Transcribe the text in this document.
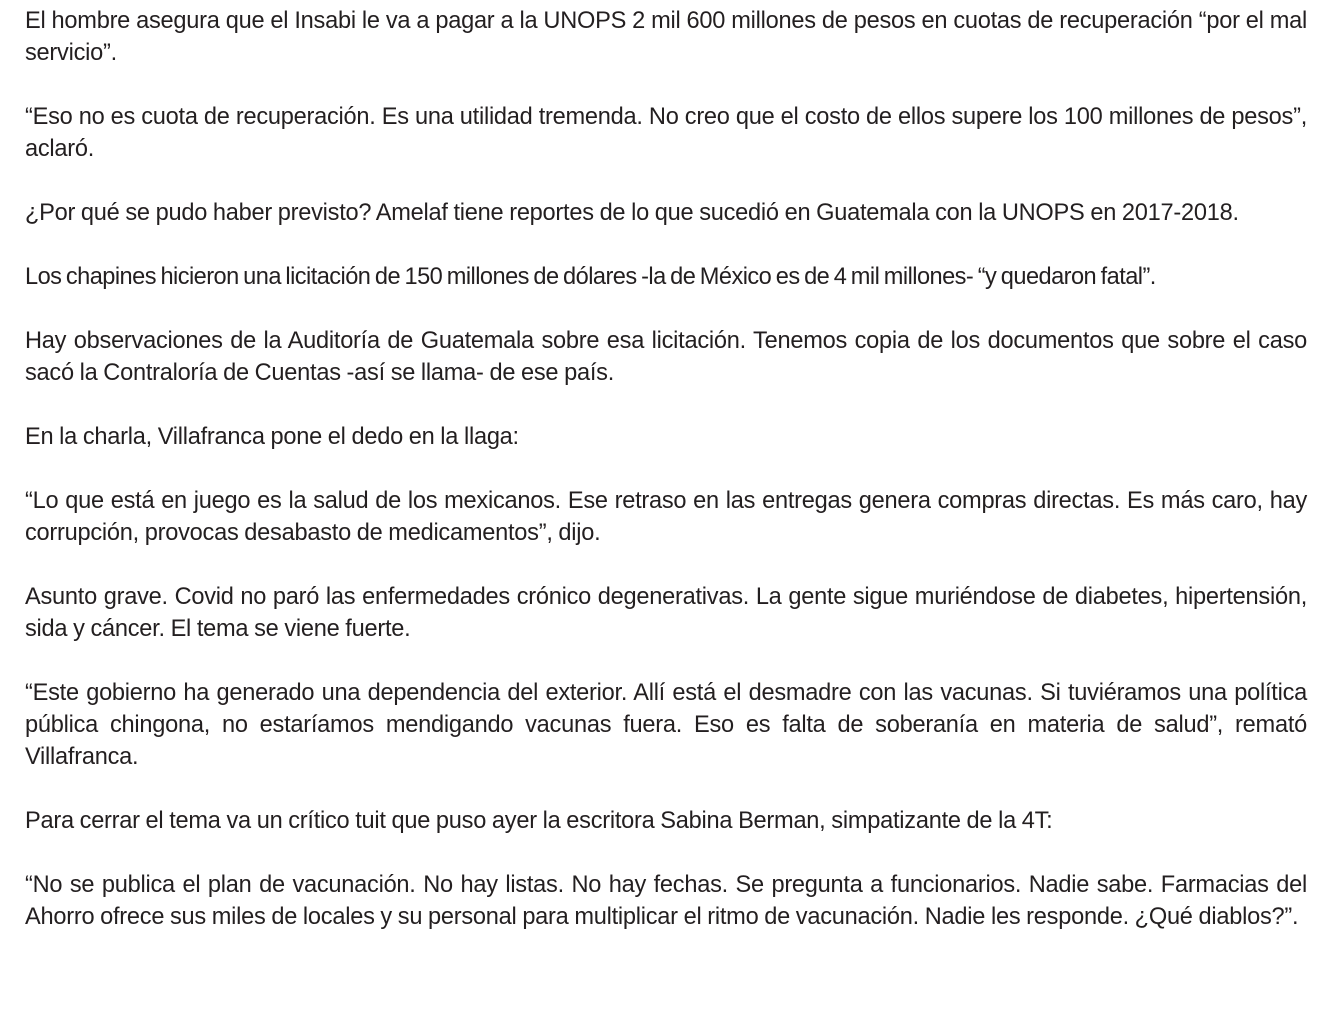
El hombre asegura que el Insabi le va a pagar a la UNOPS 2 mil 600 millones de pesos en cuotas de recuperación “por el mal servicio”.

“Eso no es cuota de recuperación. Es una utilidad tremenda. No creo que el costo de ellos supere los 100 millones de pesos”, aclaró.

¿Por qué se pudo haber previsto? Amelaf tiene reportes de lo que sucedió en Guatemala con la UNOPS en 2017-2018.

Los chapines hicieron una licitación de 150 millones de dólares -la de México es de 4 mil millones- “y quedaron fatal”.

Hay observaciones de la Auditoría de Guatemala sobre esa licitación. Tenemos copia de los documentos que sobre el caso sacó la Contraloría de Cuentas -así se llama- de ese país.

En la charla, Villafranca pone el dedo en la llaga:

“Lo que está en juego es la salud de los mexicanos. Ese retraso en las entregas genera compras directas. Es más caro, hay corrupción, provocas desabasto de medicamentos”, dijo.

Asunto grave. Covid no paró las enfermedades crónico degenerativas. La gente sigue muriéndose de diabetes, hipertensión, sida y cáncer. El tema se viene fuerte.

“Este gobierno ha generado una dependencia del exterior. Allí está el desmadre con las vacunas. Si tuviéramos una política pública chingona, no estaríamos mendigando vacunas fuera. Eso es falta de soberanía en materia de salud”, remató Villafranca.

Para cerrar el tema va un crítico tuit que puso ayer la escritora Sabina Berman, simpatizante de la 4T:

“No se publica el plan de vacunación. No hay listas. No hay fechas. Se pregunta a funcionarios. Nadie sabe. Farmacias del Ahorro ofrece sus miles de locales y su personal para multiplicar el ritmo de vacunación. Nadie les responde. ¿Qué diablos?”.
